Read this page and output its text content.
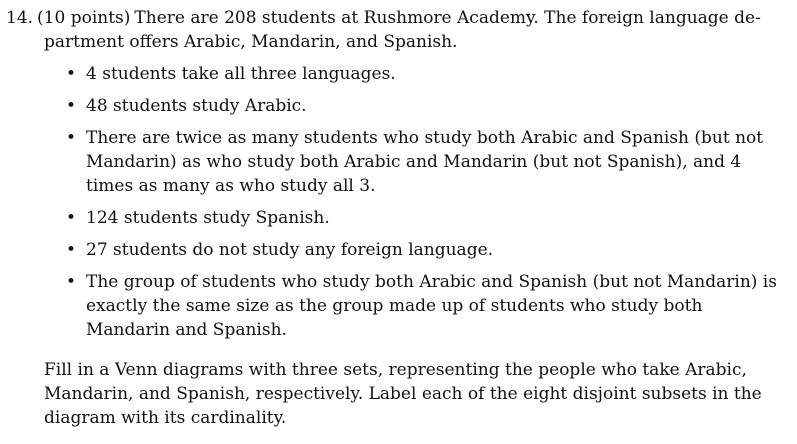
14. (10 points) There are 208 students at Rushmore Academy. The foreign language de-
partment offers Arabic, Mandarin, and Spanish.

• 4 students take all three languages.
• 48 students study Arabic.
• There are twice as many students who study both Arabic and Spanish (but not Mandarin) as who study both Arabic and Mandarin (but not Spanish), and 4 times as many as who study all 3.
• 124 students study Spanish.
• 27 students do not study any foreign language.
• The group of students who study both Arabic and Spanish (but not Mandarin) is exactly the same size as the group made up of students who study both Mandarin and Spanish.

Fill in a Venn diagrams with three sets, representing the people who take Arabic, Mandarin, and Spanish, respectively. Label each of the eight disjoint subsets in the diagram with its cardinality.
